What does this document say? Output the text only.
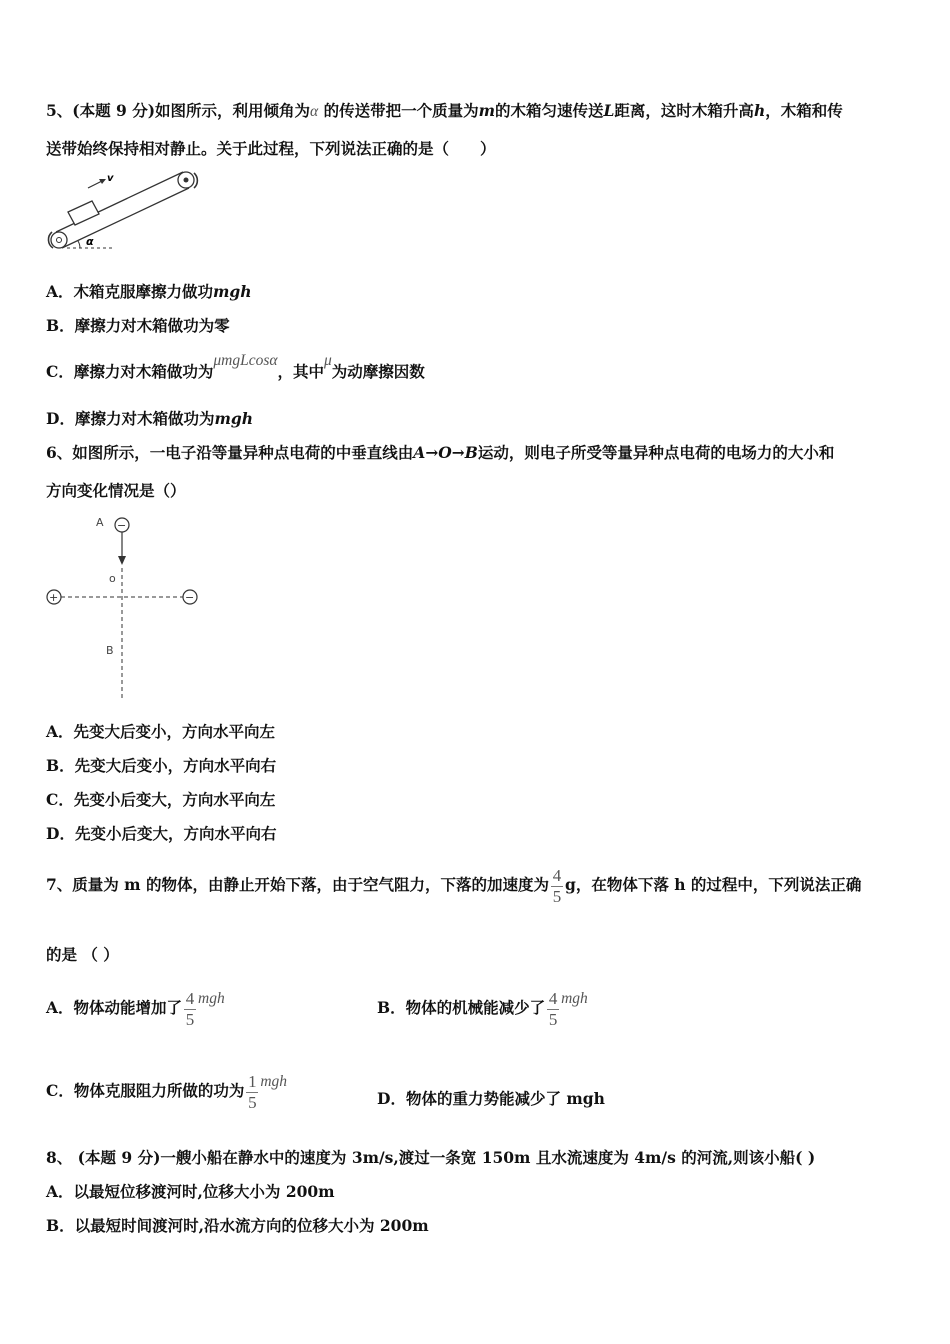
5、(本题 9 分)如图所示，利用倾角为α 的传送带把一个质量为m的木箱匀速传送L距离，这时木箱升高h，木箱和传
送带始终保持相对静止。关于此过程，下列说法正确的是（　　）
v
α
A．木箱克服摩擦力做功mgh
B．摩擦力对木箱做功为零
C．摩擦力对木箱做功为μmgLcosα，其中μ为动摩擦因数
D．摩擦力对木箱做功为mgh
6、如图所示，一电子沿等量异种点电荷的中垂直线由A→O→B运动，则电子所受等量异种点电荷的电场力的大小和
方向变化情况是（）
A −
o
+	−
B
A．先变大后变小，方向水平向左
B．先变大后变小，方向水平向右
C．先变小后变大，方向水平向左
D．先变小后变大，方向水平向右
7、质量为 m 的物体，由静止开始下落，由于空气阻力，下落的加速度为 $\frac{4}{5}$ g，在物体下落 h 的过程中，下列说法正确
的是 （ ）
A．物体动能增加了 $\frac{4}{5}$ mgh	B．物体的机械能减少了 $\frac{4}{5}$ mgh
C．物体克服阻力所做的功为 $\frac{1}{5}$ mgh
D．物体的重力势能减少了 mgh
8、 (本题 9 分)一艘小船在静水中的速度为 3m/s,渡过一条宽 150m 且水流速度为 4m/s 的河流,则该小船( )
A．以最短位移渡河时,位移大小为 200m
B．以最短时间渡河时,沿水流方向的位移大小为 200m
